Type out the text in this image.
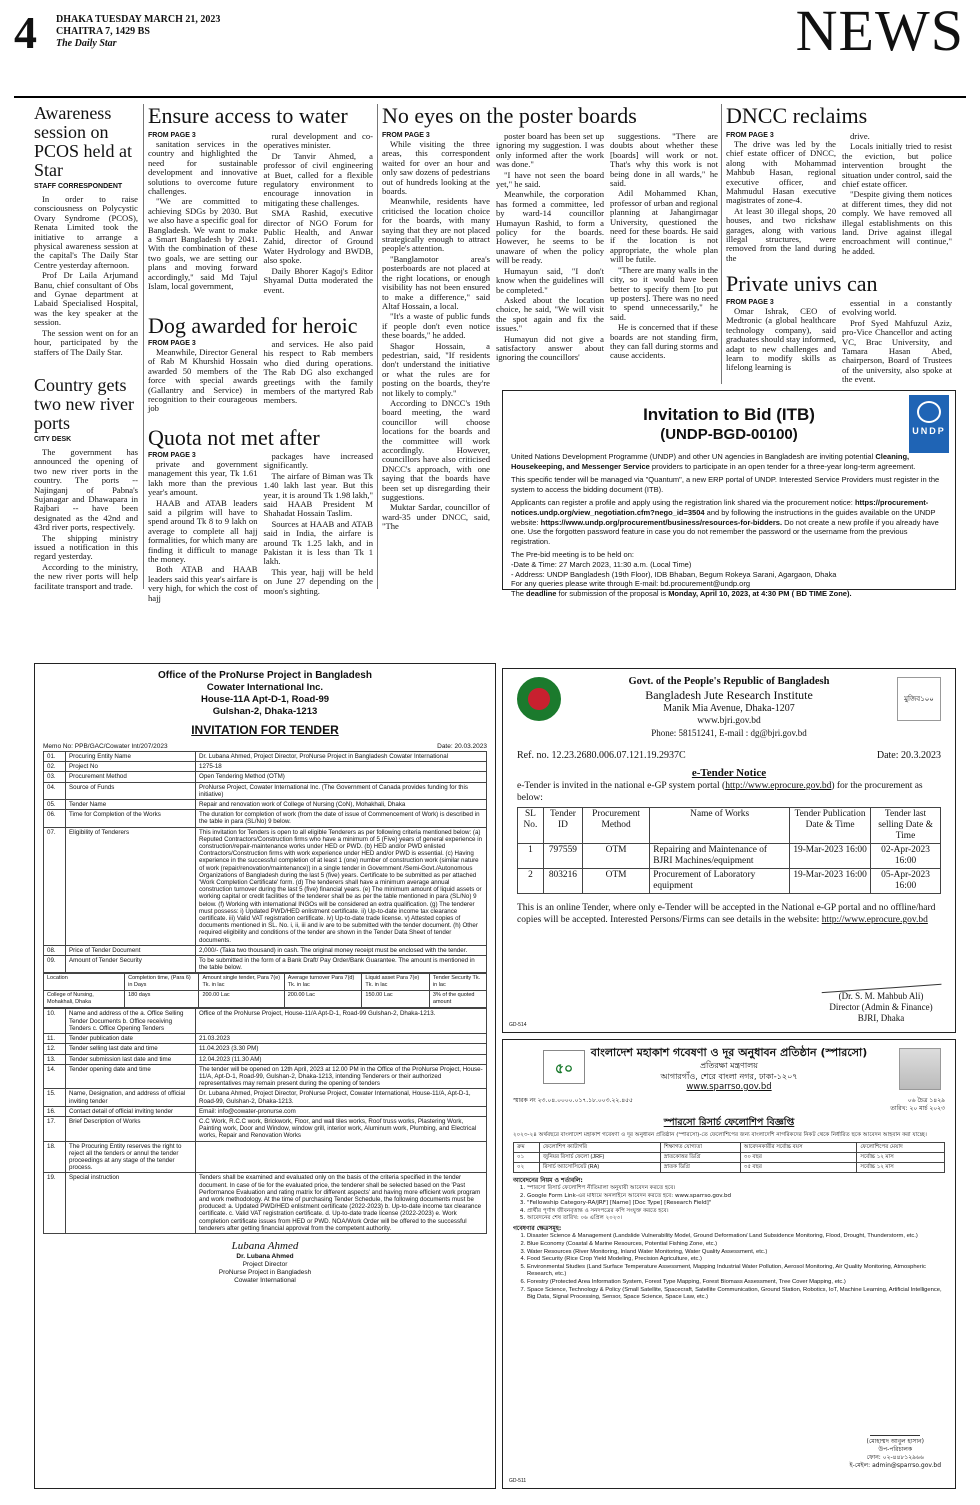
4 DHAKA TUESDAY MARCH 21, 2023
CHAITRA 7, 1429 BS
The Daily Star	NEWS
Awareness session on PCOS held at Star
STAFF CORRESPONDENT

In order to raise consciousness on Polycystic Ovary Syndrome (PCOS), Renata Limited took the initiative to arrange a physical awareness session at the capital's The Daily Star Centre yesterday afternoon.

Prof Dr Laila Arjumand Banu, chief consultant of Obs and Gynae department at Labaid Specialised Hospital, was the key speaker at the session.

The session went on for an hour, participated by the staffers of The Daily Star.

Country gets two new river ports
CITY DESK

The government has announced the opening of two new river ports in the country. The ports -- Najinganj of Pabna's Sujanagar and Dhawapara in Rajbari -- have been designated as the 42nd and 43rd river ports, respectively.

The shipping ministry issued a notification in this regard yesterday.

According to the ministry, the new river ports will help facilitate transport and trade.

Ensure access to water
FROM PAGE 3

sanitation services in the country and highlighted the need for sustainable development and innovative solutions to overcome future challenges.

"We are committed to achieving SDGs by 2030. But we also have a specific goal for Bangladesh. We want to make a Smart Bangladesh by 2041. With the combination of these two goals, we are setting our plans and moving forward accordingly," said Md Tajul Islam, local government,

rural development and co-operatives minister.

Dr Tanvir Ahmed, a professor of civil engineering at Buet, called for a flexible regulatory environment to encourage innovation in mitigating these challenges.

SMA Rashid, executive director of NGO Forum for Public Health, and Anwar Zahid, director of Ground Water Hydrology and BWDB, also spoke.

Daily Bhorer Kagoj's Editor Shyamal Dutta moderated the event.

Dog awarded for heroic
FROM PAGE 3

Meanwhile, Director General of Rab M Khurshid Hossain awarded 50 members of the force with special awards (Gallantry and Service) in recognition to their courageous job

and services. He also paid his respect to Rab members who died during operations. The Rab DG also exchanged greetings with the family members of the martyred Rab members.

Quota not met after
FROM PAGE 3

private and government management this year, Tk 1.61 lakh more than the previous year's amount.

HAAB and ATAB leaders said a pilgrim will have to spend around Tk 8 to 9 lakh on average to complete all hajj formalities, for which many are finding it difficult to manage the money.

Both ATAB and HAAB leaders said this year's airfare is very high, for which the cost of hajj

packages have increased significantly.

The airfare of Biman was Tk 1.40 lakh last year. But this year, it is around Tk 1.98 lakh," said HAAB President M Shahadat Hossain Taslim.

Sources at HAAB and ATAB said in India, the airfare is around Tk 1.25 lakh, and in Pakistan it is less than Tk 1 lakh.

This year, hajj will be held on June 27 depending on the moon's sighting.

No eyes on the poster boards
FROM PAGE 3

While visiting the three areas, this correspondent waited for over an hour and only saw dozens of pedestrians out of hundreds looking at the boards.

Meanwhile, residents have criticised the location choice for the boards, with many saying that they are not placed strategically enough to attract people's attention.

"Banglamotor area's posterboards are not placed at the right locations, or enough visibility has not been ensured to make a difference," said Altaf Hossain, a local.

"It's a waste of public funds if people don't even notice these boards," he added.

Shagor Hossain, a pedestrian, said, "If residents don't understand the initiative or what the rules are for posting on the boards, they're not likely to comply."

According to DNCC's 19th board meeting, the ward councillor will choose locations for the boards and the committee will work accordingly. However, councillors have also criticised DNCC's approach, with one saying that the boards have been set up disregarding their suggestions.

Muktar Sardar, councillor of ward-35 under DNCC, said, "The

poster board has been set up ignoring my suggestion. I was only informed after the work was done."

"I have not seen the board yet," he said.

Meanwhile, the corporation has formed a committee, led by ward-14 councillor Humayun Rashid, to form a policy for the boards. However, he seems to be unaware of when the policy will be ready.

Humayun said, "I don't know when the guidelines will be completed."

Asked about the location choice, he said, "We will visit the spot again and fix the issues."

Humayun did not give a satisfactory answer about ignoring the councillors'

suggestions. "There are doubts about whether these [boards] will work or not. That's why this work is not being done in all wards," he said.

Adil Mohammed Khan, professor of urban and regional planning at Jahangirnagar University, questioned the need for these boards. He said if the location is not appropriate, the whole plan will be futile.

"There are many walls in the city, so it would have been better to specify them [to put up posters]. There was no need to spend unnecessarily," he said.

He is concerned that if these boards are not standing firm, they can fall during storms and cause accidents.

DNCC reclaims
FROM PAGE 3

The drive was led by the chief estate officer of DNCC, along with Mohammad Mahbub Hasan, regional executive officer, and Mahmudul Hasan executive magistrates of zone-4.

At least 30 illegal shops, 20 houses, and two rickshaw garages, along with various illegal structures, were removed from the land during the

drive.

Locals initially tried to resist the eviction, but police intervention brought the situation under control, said the chief estate officer.

"Despite giving them notices at different times, they did not comply. We have removed all illegal establishments on this land. Drive against illegal encroachment will continue," he added.

Private univs can
FROM PAGE 3

Omar Ishrak, CEO of Medtronic (a global healthcare technology company), said graduates should stay informed, adapt to new challenges and learn to modify skills as lifelong learning is

essential in a constantly evolving world.

Prof Syed Mahfuzul Aziz, pro-Vice Chancellor and acting VC, Brac University, and Tamara Hasan Abed, chairperson, Board of Trustees of the university, also spoke at the event.

UNDP
Invitation to Bid (ITB)
(UNDP-BGD-00100)

United Nations Development Programme (UNDP) and other UN agencies in Bangladesh are inviting potential Cleaning, Housekeeping, and Messenger Service providers to participate in an open tender for a three-year long-term agreement.

This specific tender will be managed via "Quantum", a new ERP portal of UNDP. Interested Service Providers must register in the system to access the bidding document (ITB).

Applicants can register a profile and apply using the registration link shared via the procurement notice: https://procurement-notices.undp.org/view_negotiation.cfm?nego_id=3504 and by following the instructions in the guides available on the UNDP website: https://www.undp.org/procurement/business/resources-for-bidders. Do not create a new profile if you already have one. Use the forgotten password feature in case you do not remember the password or the username from the previous registration.

The Pre-bid meeting is to be held on:
-Date & Time: 27 March 2023, 11:30 a.m. (Local Time)
- Address: UNDP Bangladesh (19th Floor), IDB Bhaban, Begum Rokeya Sarani, Agargaon, Dhaka
For any queries please write through E-mail: bd.procurement@undp.org
The deadline for submission of the proposal is Monday, April 10, 2023, at 4:30 PM ( BD TIME Zone).

Office of the ProNurse Project in Bangladesh
Cowater International Inc.
House-11A Apt-D-1, Road-99
Gulshan-2, Dhaka-1213
INVITATION FOR TENDER
Memo No: PPB/GAC/Cowater Int/207/2023	Date: 20.03.2023
01.	Procuring Entity Name	Dr. Lubana Ahmed, Project Director, ProNurse Project in Bangladesh Cowater International
02.	Project No	1275-18
03.	Procurement Method	Open Tendering Method (OTM)
04.	Source of Funds	ProNurse Project, Cowater International Inc. (The Government of Canada provides funding for this initiative)
05.	Tender Name	Repair and renovation work of College of Nursing (CoN), Mohakhali, Dhaka
06.	Time for Completion of the Works	The duration for completion of work (from the date of issue of Commencement of Work) is described in the table in para (SL/No) 9 below.
07.	Eligibility of Tenderers	This invitation for Tenders is open to all eligible Tenderers as per following criteria mentioned below: (a) Reputed Contractors/Construction firms who have a minimum of 5 (Five) years of general experience in construction/repair-maintenance works under HED or PWD. (b) HED and/or PWD enlisted Contractors/Construction firms with work experience under HED and/or PWD is essential. (c) Having experience in the successful completion of at least 1 (one) number of construction work (similar nature of work (repair/renovation/maintenance)) in a single tender in Government /Semi-Govt./Autonomous Organizations of Bangladesh during the last 5 (five) years. Certificate to be submitted as per attached 'Work Completion Certificate' form. (d) The tenderers shall have a minimum average annual construction turnover during the last 5 (five) financial years. (e) The minimum amount of liquid assets or working capital or credit facilities of the tenderer shall be as per the table mentioned in para (SL/No) 9 below. (f) Working with international INGOs will be considered an extra qualification. (g) The tenderer must possess: i) Updated PWD/HED enlistment certificate. ii) Up-to-date income tax clearance certificate. iii) Valid VAT registration certificate. iv) Up-to-date trade license. v) Attested copies of documents mentioned in SL. No. i, ii, iii and iv are to be submitted with the tender document. (h) Other required eligibility and conditions of the tender are shown in the Tender Data Sheet of tender documents.
08.	Price of Tender Document	2,000/- (Taka two thousand) in cash. The original money receipt must be enclosed with the tender.
09.	Amount of Tender Security	To be submitted in the form of a Bank Draft/ Pay Order/Bank Guarantee. The amount is mentioned in the table below.
Location	Completion time, (Para 6) in Days	Amount single tender, Para 7(e) Tk. in lac	Average turnover Para 7(d) Tk. in lac	Liquid asset Para 7(e) Tk. in lac	Tender Security Tk. in lac
College of Nursing, Mohakhali, Dhaka	180 days	200.00 Lac	200.00 Lac	150.00 Lac	3% of the quoted amount
10.	Name and address of the a. Office Selling Tender Documents b. Office receiving Tenders c. Office Opening Tenders	Office of the ProNurse Project, House-11/A Apt-D-1, Road-99 Gulshan-2, Dhaka-1213.
11.	Tender publication date	21.03.2023
12.	Tender selling last date and time	11.04.2023 (3.30 PM)
13.	Tender submission last date and time	12.04.2023 (11.30 AM)
14.	Tender opening date and time	The tender will be opened on 12th April, 2023 at 12.00 PM in the Office of the ProNurse Project, House-11/A, Apt-D-1, Road-99, Gulshan-2, Dhaka-1213, intending Tenderers or their authorized representatives may remain present during the opening of tenders
15.	Name, Designation, and address of official inviting tender	Dr. Lubana Ahmed, Project Director, ProNurse Project, Cowater International, House-11/A, Apt-D-1, Road-99, Gulshan-2, Dhaka-1213.
16.	Contact detail of official inviting tender	Email: info@cowater-pronurse.com
17.	Brief Description of Works	C.C Work, R.C.C work, Brickwork, Floor, and wall tiles works, Roof truss works, Plastering Work, Painting work, Door and Window, window grill, interior work, Aluminum work, Plumbing, and Electrical works, Repair and Renovation Works
18.	The Procuring Entity reserves the right to reject all the tenders or annul the tender proceedings at any stage of the tender process.	
19.	Special instruction	Tenders shall be examined and evaluated only on the basis of the criteria specified in the tender document. In case of tie for the evaluated price, the tenderer shall be selected based on the 'Past Performance Evaluation and rating matrix for different aspects' and having more efficient work program and work methodology. At the time of purchasing Tender Schedule, the following documents must be produced: a. Updated PWD/HED enlistment certificate (2022-2023) b. Up-to-date income tax clearance certificate. c. Valid VAT registration certificate. d. Up-to-date trade license (2022-2023) e. Work completion certificate issues from HED or PWD. NOA/Work Order will be offered to the successful tenderers after getting financial approval from the competent authority.
Lubana Ahmed
Dr. Lubana Ahmed
Project Director
ProNurse Project in Bangladesh
Cowater International
মুজিব১০০
Govt. of the People's Republic of Bangladesh
Bangladesh Jute Research Institute
Manik Mia Avenue, Dhaka-1207
www.bjri.gov.bd
Phone: 58151241, E-mail : dg@bjri.gov.bd
Ref. no. 12.23.2680.006.07.121.19.2937C	Date: 20.3.2023
e-Tender Notice
e-Tender is invited in the national e-GP system portal (http://www.eprocure.gov.bd) for the procurement as below:
SL No.	Tender ID	Procurement Method	Name of Works	Tender Publication Date & Time	Tender last selling Date & Time
1	797559	OTM	Repairing and Maintenance of BJRI Machines/equipment	19-Mar-2023 16:00	02-Apr-2023 16:00
2	803216	OTM	Procurement of Laboratory equipment	19-Mar-2023 16:00	05-Apr-2023 16:00
This is an online Tender, where only e-Tender will be accepted in the National e-GP portal and no offline/hard copies will be accepted. Interested Persons/Firms can see details in the website: http://www.eprocure.gov.bd
(Dr. S. M. Mahbub Ali)
Director (Admin & Finance)
BJRI, Dhaka
GD-514
৫০
বাংলাদেশ মহাকাশ গবেষণা ও দূর অনুধাবন প্রতিষ্ঠান (স্পারসো)
প্রতিরক্ষা মন্ত্রণালয়
আগারগাঁও, শেরে বাংলা নগর, ঢাকা-১২০৭
www.sparrso.gov.bd
স্মারক নং ২৩.০৪.০০০০.০১৭.১৮.০০৩.২২.৪৫৫	০৬ চৈত্র ১৪২৯
তারিখ: ২০ মার্চ ২০২৩
স্পারসো রিসার্চ ফেলোশিপ বিজ্ঞপ্তি
২০২৩-২৪ অর্থবছরে বাংলাদেশ মহাকাশ গবেষণা ও দূর অনুধাবন প্রতিষ্ঠান (স্পারসো)-তে ফেলোশিপের জন্য বাংলাদেশি নাগরিকদের নিকট থেকে নির্ধারিত ছকে আবেদন আহবান করা যাচ্ছে।
ক্রম	ফেলোশিপ ক্যাটাগরি	শিক্ষাগত যোগ্যতা	আবেদনকারীর সর্বোচ্চ বয়স	ফেলোশিপের মেয়াদ
০১	জুনিয়র রিসার্চ ফেলো (JRF)	স্নাতকোত্তর ডিগ্রি	৩০ বছর	সর্বোচ্চ ১২ মাস
০২	রিসার্চ অ্যাসোসিয়েট (RA)	স্নাতক ডিগ্রি	৩৫ বছর	সর্বোচ্চ ১২ মাস
আবেদনের নিয়ম ও শর্তাবলি:
1. স্পারসো রিসার্চ ফেলোশিপ নীতিমালা অনুযায়ী আবেদন করতে হবে।
2. Google Form Link-এর মাধ্যমে অনলাইনে আবেদন করতে হবে: www.sparrso.gov.bd
3. "Fellowship Category-RA/JRF] [Name] [Doc Type] [Research Field]"
4. প্রার্থীর পূর্ণাঙ্গ জীবনবৃত্তান্ত ও সনদপত্রের কপি সংযুক্ত করতে হবে।
5. আবেদনের শেষ তারিখ: ০৬ এপ্রিল ২০২৩।
গবেষণার ক্ষেত্রসমূহ:
1. Disaster Science & Management (Landslide Vulnerability Model, Ground Deformation/ Land Subsidence Monitoring, Flood, Drought, Thunderstorm, etc.)
2. Blue Economy (Coastal & Marine Resources, Potential Fishing Zone, etc.)
3. Water Resources (River Monitoring, Inland Water Monitoring, Water Quality Assessment, etc.)
4. Food Security (Rice Crop Yield Modeling, Precision Agriculture, etc.)
5. Environmental Studies (Land Surface Temperature Assessment, Mapping Industrial Water Pollution, Aerosol Monitoring, Air Quality Monitoring, Atmospheric Research, etc.)
6. Forestry (Protected Area Information System, Forest Type Mapping, Forest Biomass Assessment, Tree Cover Mapping, etc.)
7. Space Science, Technology & Policy (Small Satellite, Spacecraft, Satellite Communication, Ground Station, Robotics, IoT, Machine Learning, Artificial Intelligence, Big Data, Signal Processing, Sensor, Space Science, Space Law, etc.)
(মোহাম্মদ আবুল হাসান)
উপ-পরিচালক
ফোন: ০২-৪৪৮১২৯৬৬
ই-মেইল: admin@sparrso.gov.bd
GD-511
